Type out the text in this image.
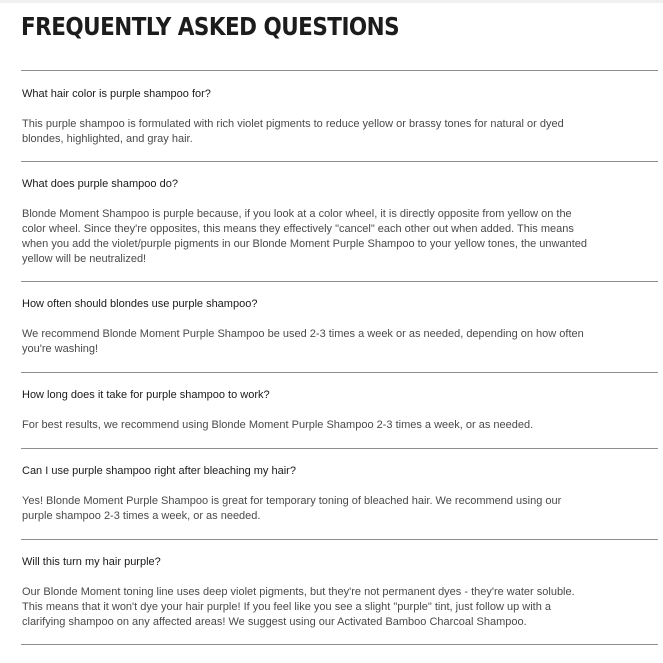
FREQUENTLY ASKED QUESTIONS
What hair color is purple shampoo for?
This purple shampoo is formulated with rich violet pigments to reduce yellow or brassy tones for natural or dyed
blondes, highlighted, and gray hair.
What does purple shampoo do?
Blonde Moment Shampoo is purple because, if you look at a color wheel, it is directly opposite from yellow on the
color wheel. Since they're opposites, this means they effectively "cancel" each other out when added. This means
when you add the violet/purple pigments in our Blonde Moment Purple Shampoo to your yellow tones, the unwanted
yellow will be neutralized!
How often should blondes use purple shampoo?
We recommend Blonde Moment Purple Shampoo be used 2-3 times a week or as needed, depending on how often
you're washing!
How long does it take for purple shampoo to work?
For best results, we recommend using Blonde Moment Purple Shampoo 2-3 times a week, or as needed.
Can I use purple shampoo right after bleaching my hair?
Yes! Blonde Moment Purple Shampoo is great for temporary toning of bleached hair. We recommend using our
purple shampoo 2-3 times a week, or as needed.
Will this turn my hair purple?
Our Blonde Moment toning line uses deep violet pigments, but they're not permanent dyes - they're water soluble.
This means that it won't dye your hair purple! If you feel like you see a slight "purple" tint, just follow up with a
clarifying shampoo on any affected areas! We suggest using our Activated Bamboo Charcoal Shampoo.
